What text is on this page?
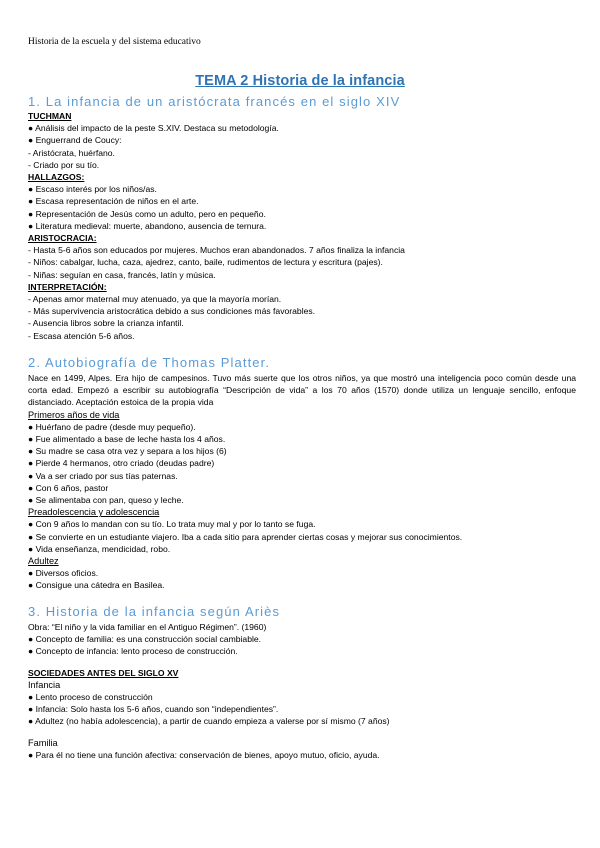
Historia de la escuela y del sistema educativo
TEMA 2 Historia de la infancia
1. La infancia de un aristócrata francés en el siglo XIV
TUCHMAN
● Análisis del impacto de la peste S.XIV. Destaca su metodología.
● Enguerrand de Coucy:
- Aristócrata, huérfano.
- Criado por su tío.
HALLAZGOS:
● Escaso interés por los niños/as.
● Escasa representación de niños en el arte.
● Representación de Jesús como un adulto, pero en pequeño.
● Literatura medieval: muerte, abandono, ausencia de ternura.
ARISTOCRACIA:
- Hasta 5-6 años son educados por mujeres. Muchos eran abandonados. 7 años finaliza la infancia
- Niños: cabalgar, lucha, caza, ajedrez, canto, baile, rudimentos de lectura y escritura (pajes).
- Niñas: seguían en casa, francés, latín y música.
INTERPRETACIÓN:
- Apenas amor maternal muy atenuado, ya que la mayoría morían.
- Más supervivencia aristocrática debido a sus condiciones más favorables.
- Ausencia libros sobre la crianza infantil.
- Escasa atención 5-6 años.
2. Autobiografía de Thomas Platter.
Nace en 1499, Alpes. Era hijo de campesinos. Tuvo más suerte que los otros niños, ya que mostró una inteligencia poco común desde una corta edad. Empezó a escribir su autobiografía “Descripción de vida” a los 70 años (1570) donde utiliza un lenguaje sencillo, enfoque distanciado. Aceptación estoica de la propia vida
Primeros años de vida
● Huérfano de padre (desde muy pequeño).
● Fue alimentado a base de leche hasta los 4 años.
● Su madre se casa otra vez y separa a los hijos (6)
● Pierde 4 hermanos, otro criado (deudas padre)
● Va a ser criado por sus tías paternas.
● Con 6 años, pastor
● Se alimentaba con pan, queso y leche.
Preadolescencia y adolescencia
● Con 9 años lo mandan con su tío. Lo trata muy mal y por lo tanto se fuga.
● Se convierte en un estudiante viajero. Iba a cada sitio para aprender ciertas cosas y mejorar sus conocimientos.
● Vida enseñanza, mendicidad, robo.
Adultez
● Diversos oficios.
● Consigue una cátedra en Basilea.
3. Historia de la infancia según Ariès
Obra: “El niño y la vida familiar en el Antiguo Régimen”. (1960)
● Concepto de familia: es una construcción social cambiable.
● Concepto de infancia: lento proceso de construcción.
SOCIEDADES ANTES DEL SIGLO XV
Infancia
● Lento proceso de construcción
● Infancia: Solo hasta los 5-6 años, cuando son “independientes”.
● Adultez (no había adolescencia), a partir de cuando empieza a valerse por sí mismo (7 años)
Familia
● Para él no tiene una función afectiva: conservación de bienes, apoyo mutuo, oficio, ayuda.
